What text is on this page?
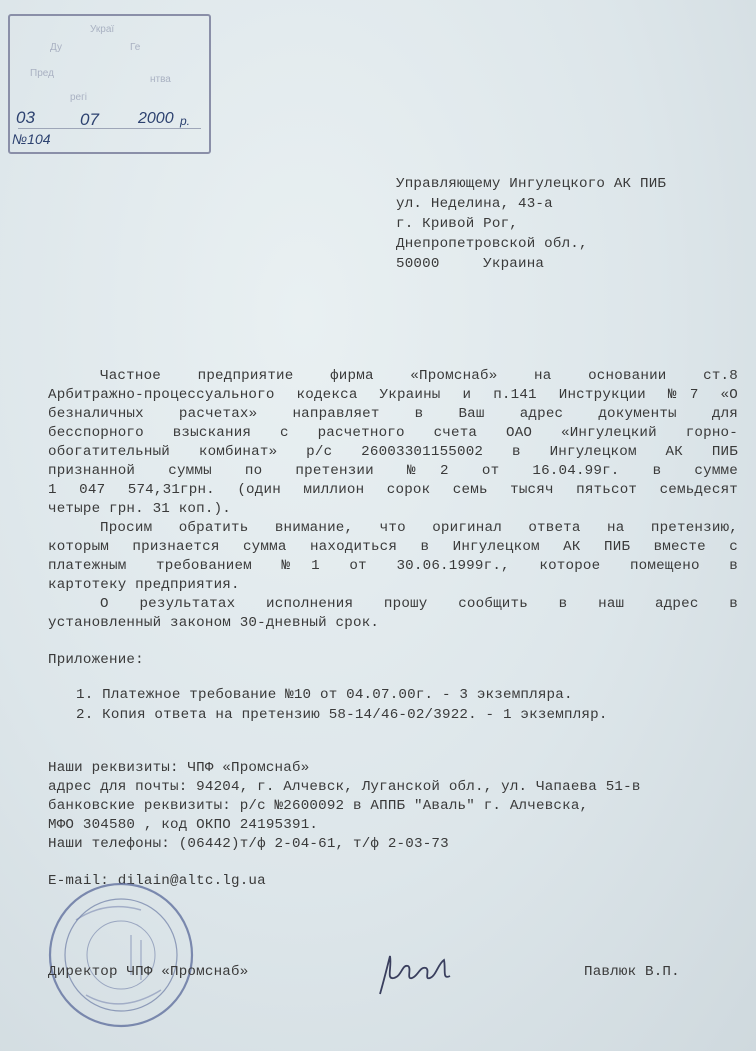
Украї
Ду	Ге
Пред
нтва
регі
03	07 2000 р.
№104
Управляющему Ингулецкого АК ПИБ
ул. Неделина, 43-а
г. Кривой Рог,
Днепропетровской обл.,
50000     Украина
Частное предприятие фирма «Промснаб» на основании ст.8
Арбитражно-процессуального кодекса Украины и п.141 Инструкции №7 «О
безналичных расчетах» направляет в Ваш адрес документы для
бесспорного взыскания с расчетного счета ОАО «Ингулецкий горно-
обогатительный комбинат» р/с 26003301155002 в Ингулецком АК ПИБ
признанной суммы по претензии №2 от 16.04.99г. в сумме
1 047 574,31грн. (один миллион сорок семь тысяч пятьсот семьдесят
четыре грн. 31 коп.).
Просим обратить внимание, что оригинал ответа на претензию,
которым признается сумма находиться в Ингулецком АК ПИБ вместе с
платежным требованием №1 от 30.06.1999г., которое помещено в
картотеку предприятия.
О результатах исполнения прошу сообщить в наш адрес в
установленный законом 30-дневный срок.
Приложение:
1. Платежное требование №10 от 04.07.00г. - 3 экземпляра.
2. Копия ответа на претензию 58-14/46-02/3922. - 1 экземпляр.
Наши реквизиты: ЧПФ «Промснаб»
адрес для почты: 94204, г. Алчевск, Луганской обл., ул. Чапаева 51-в
банковские реквизиты: р/с №2600092 в АППБ "Аваль" г. Алчевска,
МФО 304580 , код ОКПО 24195391.
Наши телефоны: (06442)т/ф 2-04-61, т/ф 2-03-73
E-mail: dilain@altc.lg.ua
Директор ЧПФ «Промснаб»	Павлюк В.П.
